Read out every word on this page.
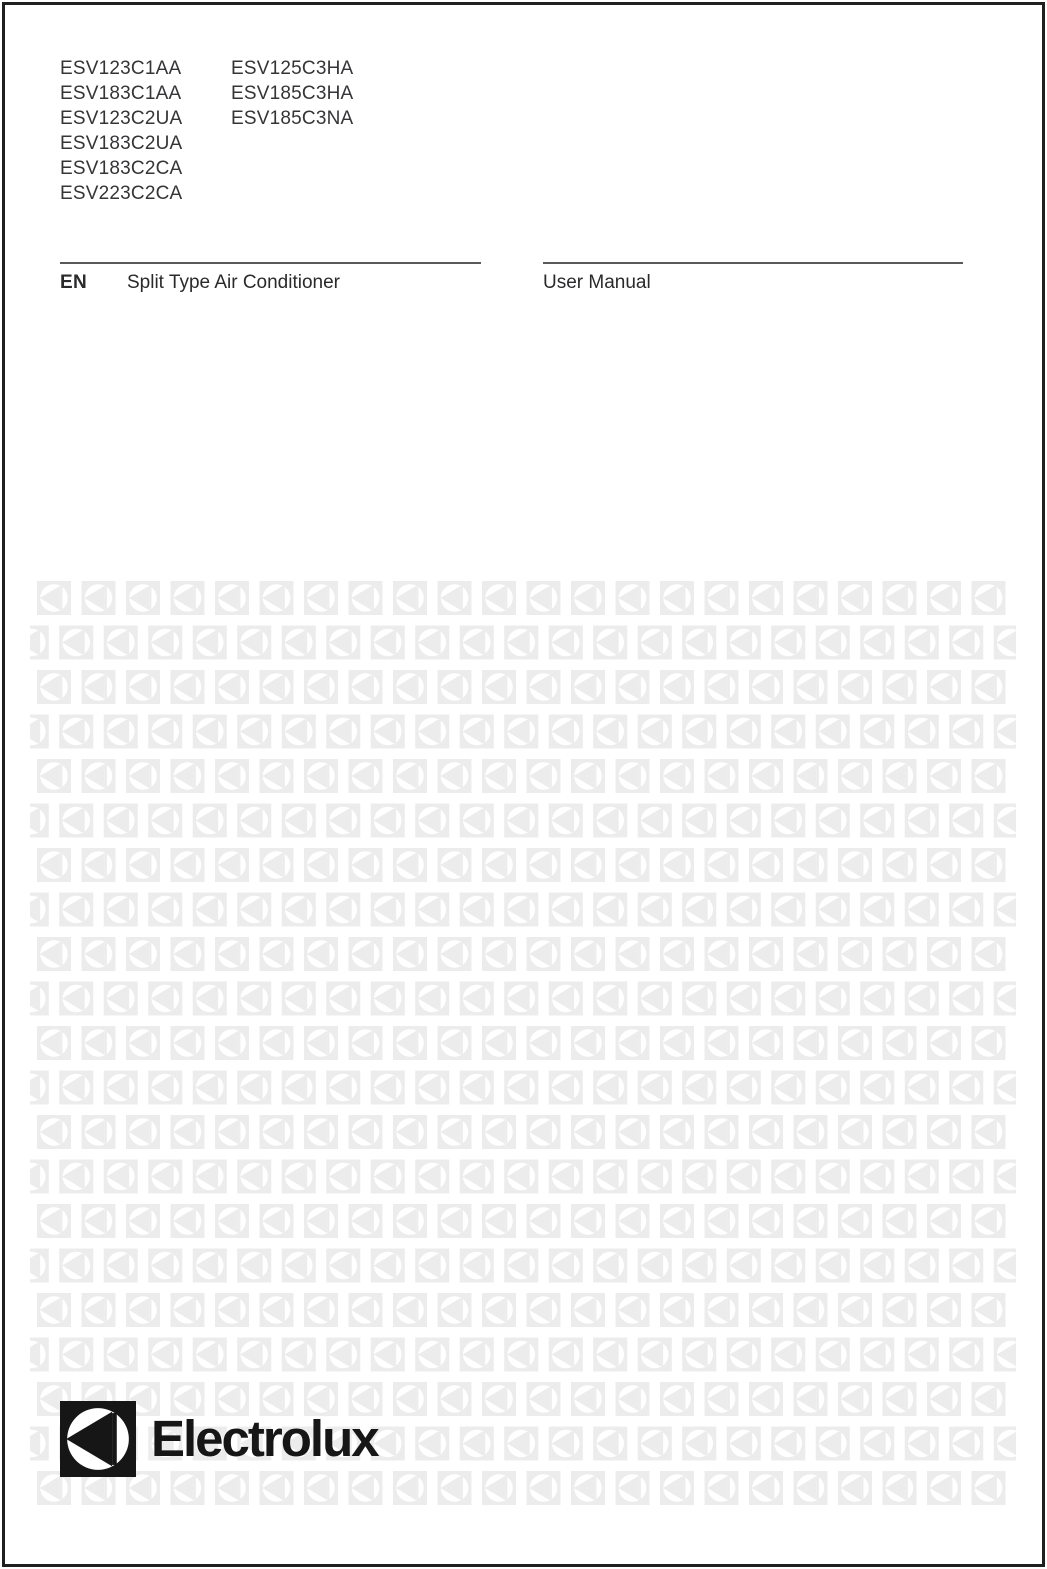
ESV123C1AA
ESV183C1AA
ESV123C2UA
ESV183C2UA
ESV183C2CA
ESV223C2CA
ESV125C3HA
ESV185C3HA
ESV185C3NA
EN Split Type Air Conditioner	User Manual
Electrolux
